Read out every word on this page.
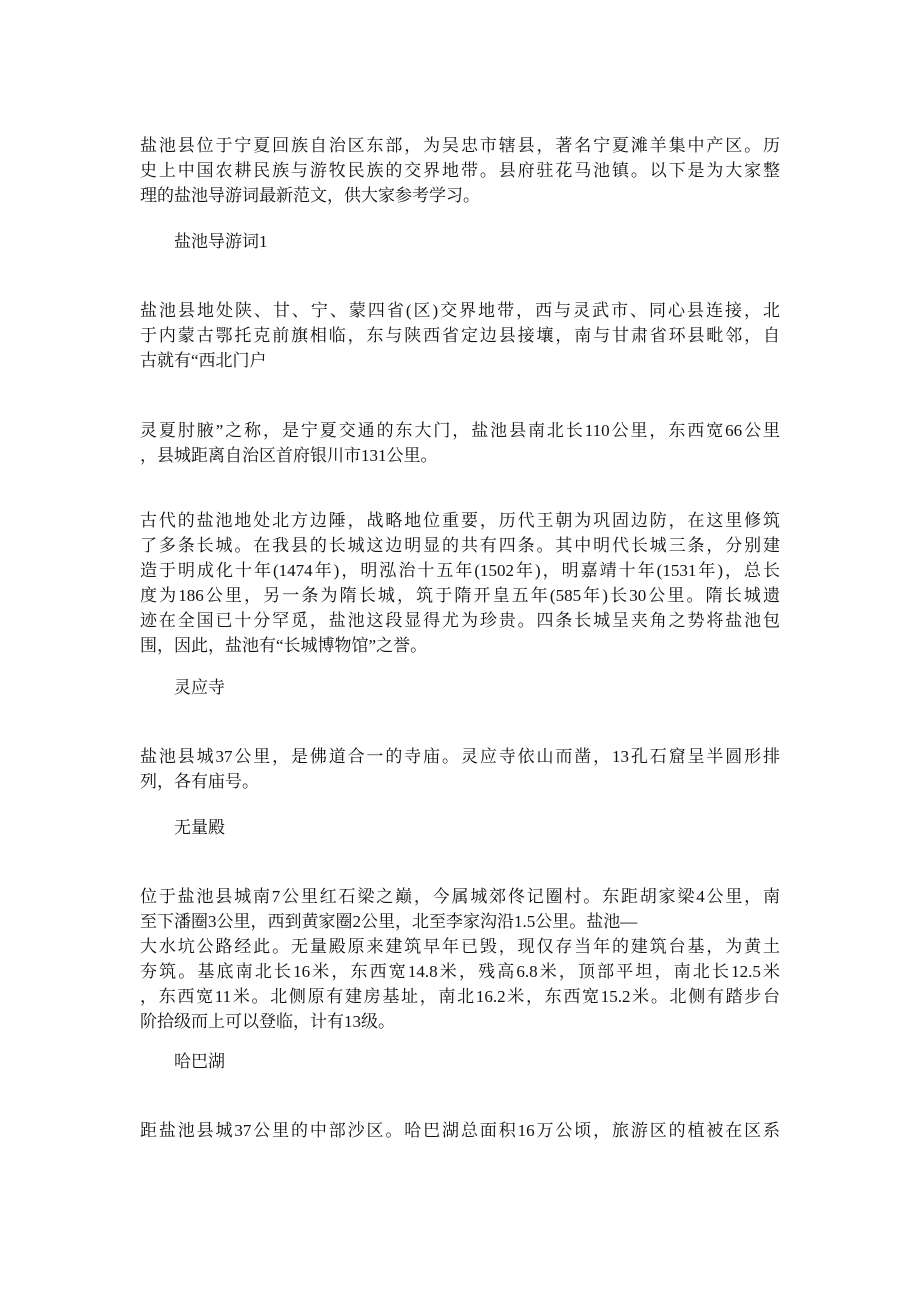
盐池县位于宁夏回族自治区东部，为吴忠市辖县，著名宁夏滩羊集中产区。历
史上中国农耕民族与游牧民族的交界地带。县府驻花马池镇。以下是为大家整
理的盐池导游词最新范文，供大家参考学习。
盐池导游词1
盐池县地处陕、甘、宁、蒙四省(区)交界地带，西与灵武市、同心县连接，北
于内蒙古鄂托克前旗相临，东与陕西省定边县接壤，南与甘肃省环县毗邻，自
古就有“西北门户
灵夏肘腋”之称，是宁夏交通的东大门，盐池县南北长110公里，东西宽66公里
，县城距离自治区首府银川市131公里。
古代的盐池地处北方边陲，战略地位重要，历代王朝为巩固边防，在这里修筑
了多条长城。在我县的长城这边明显的共有四条。其中明代长城三条，分别建
造于明成化十年(1474年)，明泓治十五年(1502年)，明嘉靖十年(1531年)，总长
度为186公里，另一条为隋长城，筑于隋开皇五年(585年)长30公里。隋长城遗
迹在全国已十分罕觅，盐池这段显得尤为珍贵。四条长城呈夹角之势将盐池包
围，因此，盐池有“长城博物馆”之誉。
灵应寺
盐池县城37公里，是佛道合一的寺庙。灵应寺依山而凿，13孔石窟呈半圆形排
列，各有庙号。
无量殿
位于盐池县城南7公里红石梁之巅，今属城郊佟记圈村。东距胡家梁4公里，南
至下潘圈3公里，西到黄家圈2公里，北至李家沟沿1.5公里。盐池—
大水坑公路经此。无量殿原来建筑早年已毁，现仅存当年的建筑台基，为黄土
夯筑。基底南北长16米，东西宽14.8米，残高6.8米，顶部平坦，南北长12.5米
，东西宽11米。北侧原有建房基址，南北16.2米，东西宽15.2米。北侧有踏步台
阶拾级而上可以登临，计有13级。
哈巴湖
距盐池县城37公里的中部沙区。哈巴湖总面积16万公顷，旅游区的植被在区系
